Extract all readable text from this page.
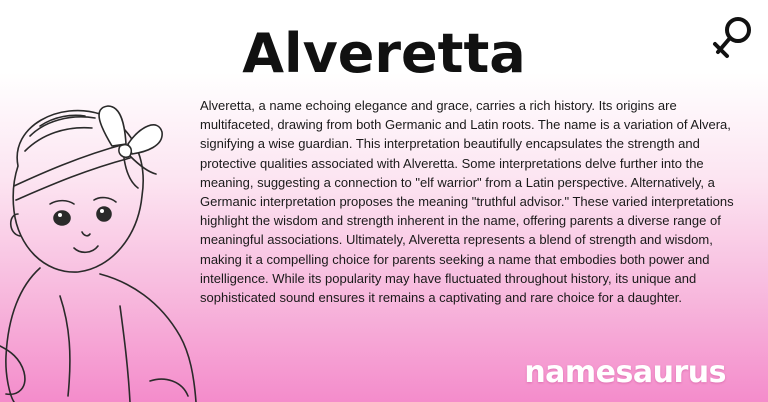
Alveretta
Alveretta, a name echoing elegance and grace, carries a rich history. Its origins are multifaceted, drawing from both Germanic and Latin roots. The name is a variation of Alvera, signifying a wise guardian. This interpretation beautifully encapsulates the strength and protective qualities associated with Alveretta. Some interpretations delve further into the meaning, suggesting a connection to "elf warrior" from a Latin perspective. Alternatively, a Germanic interpretation proposes the meaning "truthful advisor." These varied interpretations highlight the wisdom and strength inherent in the name, offering parents a diverse range of meaningful associations. Ultimately, Alveretta represents a blend of strength and wisdom, making it a compelling choice for parents seeking a name that embodies both power and intelligence. While its popularity may have fluctuated throughout history, its unique and sophisticated sound ensures it remains a captivating and rare choice for a daughter.
namesaurus
